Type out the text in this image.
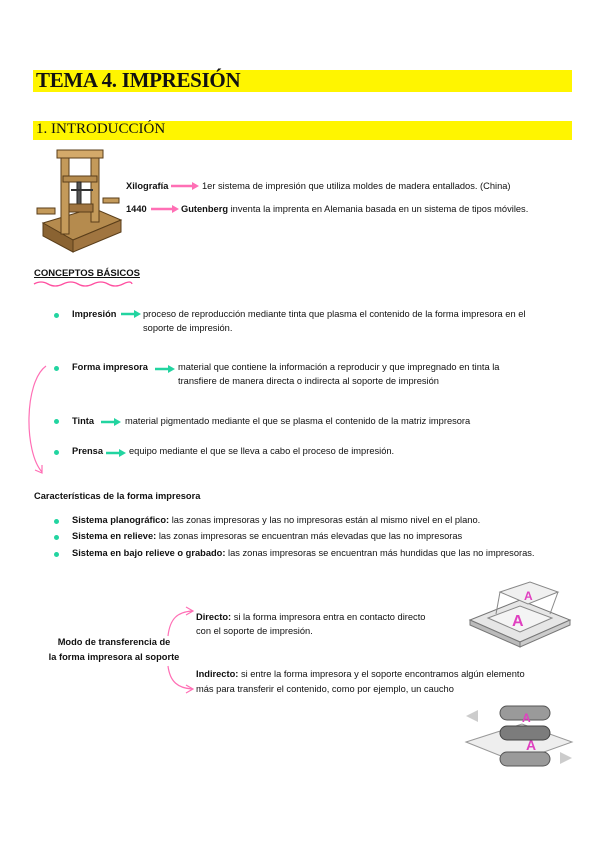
TEMA 4. IMPRESIÓN
1. INTRODUCCIÓN
Xilografía	1er sistema de impresión que utiliza moldes de madera entallados. (China)
1440	Gutenberg inventa la imprenta en Alemania basada en un sistema de tipos móviles.
CONCEPTOS BÁSICOS
Impresión	proceso de reproducción mediante tinta que plasma el contenido de la forma impresora en el
soporte de impresión.
Forma impresora	material que contiene la información a reproducir y que impregnado en tinta la
transfiere de manera directa o indirecta al soporte de impresión
Tinta	material pigmentado mediante el que se plasma el contenido de la matriz impresora
Prensa	equipo mediante el que se lleva a cabo el proceso de impresión.
Características de la forma impresora
Sistema planográfico: las zonas impresoras y las no impresoras están al mismo nivel en el plano.
Sistema en relieve: las zonas impresoras se encuentran más elevadas que las no impresoras
Sistema en bajo relieve o grabado: las zonas impresoras se encuentran más hundidas que las no impresoras.
Modo de transferencia de
la forma impresora al soporte
Directo: si la forma impresora entra en contacto directo
con el soporte de impresión.
Indirecto: si entre la forma impresora y el soporte encontramos algún elemento
más para transferir el contenido, como por ejemplo, un caucho
A
A
A
A
